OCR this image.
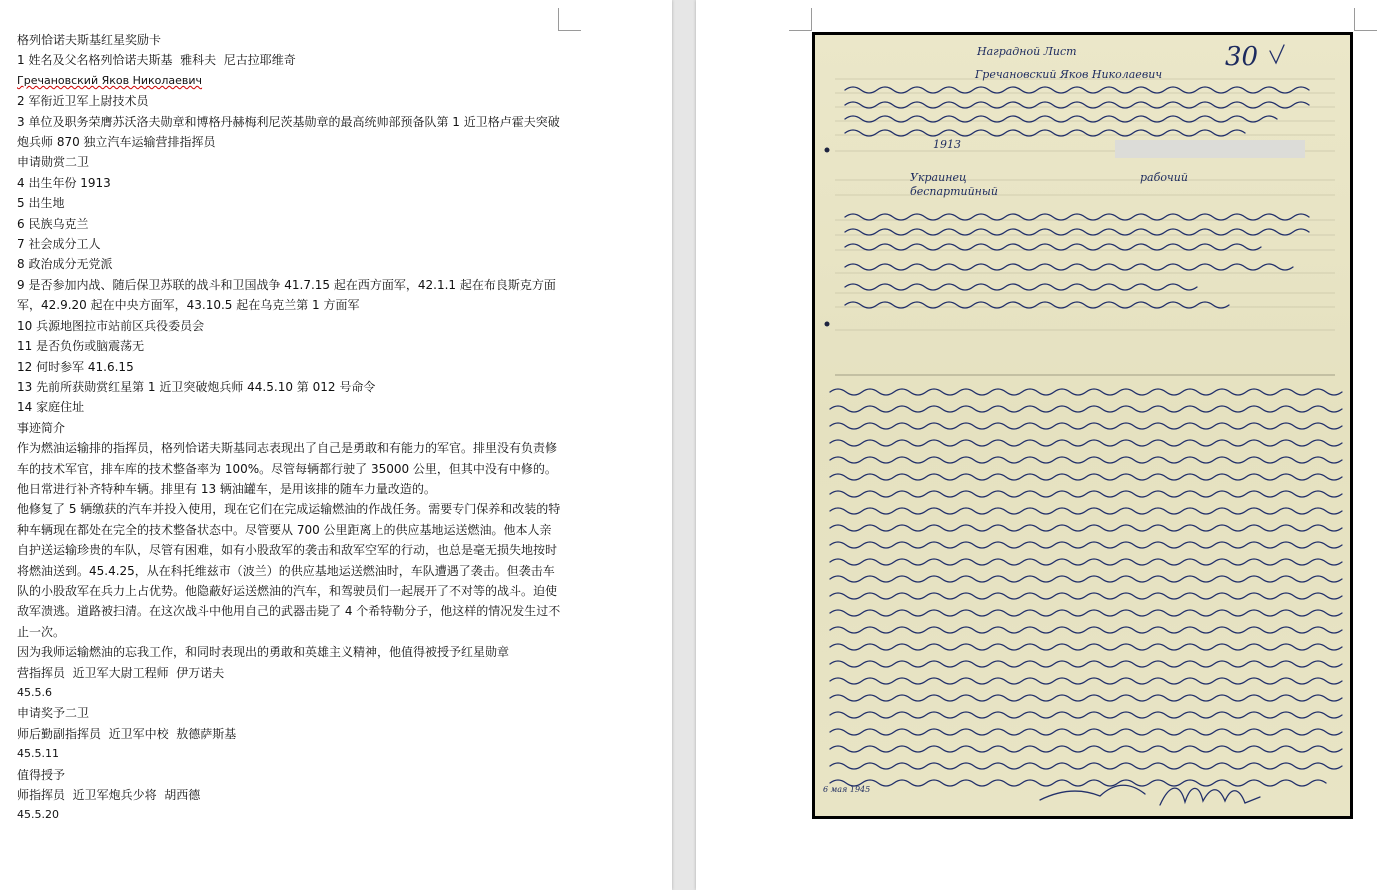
格列恰诺夫斯基红星奖励卡
1 姓名及父名格列恰诺夫斯基  雅科夫  尼古拉耶维奇
Гречановский Яков Николаевич
2 军衔近卫军上尉技术员
3 单位及职务荣膺苏沃洛夫勋章和博格丹赫梅利尼茨基勋章的最高统帅部预备队第 1 近卫格卢霍夫突破炮兵师 870 独立汽车运输营排指挥员
申请勋赏二卫
4 出生年份 1913
5 出生地
6 民族乌克兰
7 社会成分工人
8 政治成分无党派
9 是否参加内战、随后保卫苏联的战斗和卫国战争 41.7.15 起在西方面军，42.1.1 起在布良斯克方面军，42.9.20 起在中央方面军，43.10.5 起在乌克兰第 1 方面军
10 兵源地图拉市站前区兵役委员会
11 是否负伤或脑震荡无
12 何时参军 41.6.15
13 先前所获勋赏红星第 1 近卫突破炮兵师 44.5.10 第 012 号命令
14 家庭住址
事迹简介
作为燃油运输排的指挥员，格列恰诺夫斯基同志表现出了自己是勇敢和有能力的军官。排里没有负责修车的技术军官，排车库的技术整备率为 100%。尽管每辆都行驶了 35000 公里，但其中没有中修的。他日常进行补齐特种车辆。排里有 13 辆油罐车，是用该排的随车力量改造的。
他修复了 5 辆缴获的汽车并投入使用，现在它们在完成运输燃油的作战任务。需要专门保养和改装的特种车辆现在都处在完全的技术整备状态中。尽管要从 700 公里距离上的供应基地运送燃油。他本人亲自护送运输珍贵的车队，尽管有困难，如有小股敌军的袭击和敌军空军的行动，也总是毫无损失地按时将燃油送到。45.4.25，从在科托维兹市（波兰）的供应基地运送燃油时，车队遭遇了袭击。但袭击车队的小股敌军在兵力上占优势。他隐蔽好运送燃油的汽车，和驾驶员们一起展开了不对等的战斗。迫使敌军溃逃。道路被扫清。在这次战斗中他用自己的武器击毙了 4 个希特勒分子，他这样的情况发生过不止一次。
因为我师运输燃油的忘我工作，和同时表现出的勇敢和英雄主义精神，他值得被授予红星勋章
营指挥员  近卫军大尉工程师  伊万诺夫
45.5.6
申请奖予二卫
师后勤副指挥员  近卫军中校  敖德萨斯基
45.5.11
值得授予
师指挥员  近卫军炮兵少将  胡西德
45.5.20
Наградной Лист	30
Гречановский Яков Николаевич
1913
Украинец	рабочий
беспартийный
6 мая 1945
